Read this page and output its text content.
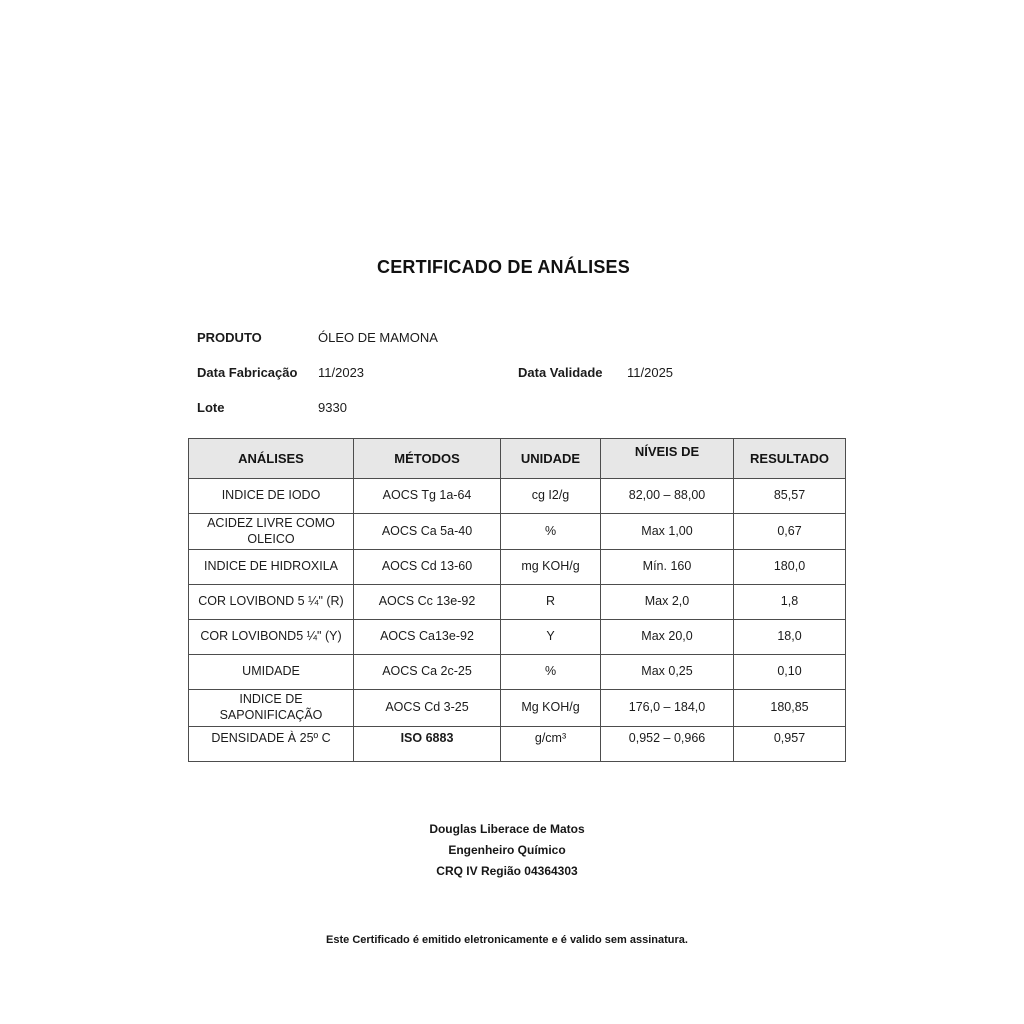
CERTIFICADO DE ANÁLISES
PRODUTO	ÓLEO DE MAMONA
Data Fabricação 11/2023	Data Validade 11/2025
Lote	9330
ANÁLISES	MÉTODOS	UNIDADE	NÍVEIS DE	RESULTADO
INDICE DE IODO	AOCS Tg 1a-64	cg I2/g	82,00 – 88,00	85,57
ACIDEZ LIVRE COMO OLEICO	AOCS Ca 5a-40	%	Max 1,00	0,67
INDICE DE HIDROXILA	AOCS Cd 13-60	mg KOH/g	Mín. 160	180,0
COR LOVIBOND 5 ¼" (R)	AOCS Cc 13e-92	R	Max 2,0	1,8
COR LOVIBOND5 ¼" (Y)	AOCS Ca13e-92	Y	Max 20,0	18,0
UMIDADE	AOCS Ca 2c-25	%	Max 0,25	0,10
INDICE DE SAPONIFICAÇÃO	AOCS Cd 3-25	Mg KOH/g	176,0 – 184,0	180,85
DENSIDADE À 25º C	ISO 6883	g/cm³	0,952 – 0,966	0,957
Douglas Liberace de Matos
Engenheiro Químico
CRQ IV Região 04364303
Este Certificado é emitido eletronicamente e é valido sem assinatura.
